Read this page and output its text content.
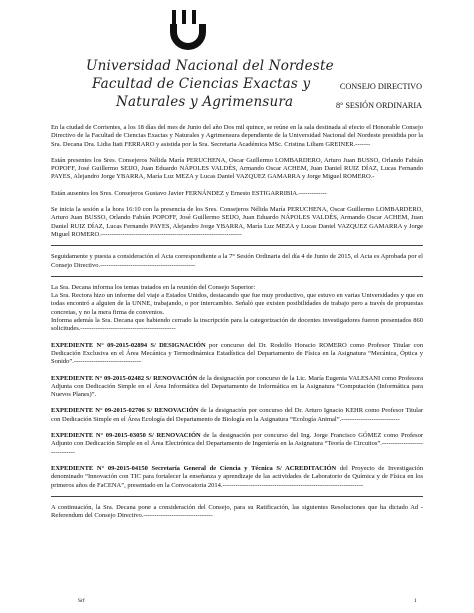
Universidad Nacional del Nordeste
Facultad de Ciencias Exactas y
Naturales y Agrimensura
CONSEJO DIRECTIVO
8° SESIÓN ORDINARIA

En la ciudad de Corrientes, a los 18 días del mes de Junio del año Dos mil quince, se reúne en la sala destinada al efecto el Honorable Consejo Directivo de la Facultad de Ciencias Exactas y Naturales y Agrimensura dependiente de la Universidad Nacional del Nordeste presidida por la Sra. Decana Dra. Lidia Itati FERRARO y asistida por la Sra. Secretaria Académica MSc. Cristina Liliam GREINER.-------

Están presentes los Sres. Consejeros Nélida María PERUCHENA, Oscar Guillermo LOMBARDERO, Arturo Juan BUSSO, Orlando Fabián POPOFF, José Guillermo SEIJO, Juan Eduardo NÁPOLES VALDÉS, Armando Oscar ACHEM, Juan Daniel RUIZ DÍAZ, Lucas Fernando PAYES, Alejandro Jorge YBARRA, María Luz MEZA y Lucas Daniel VAZQUEZ GAMARRA y Jorge Miguel ROMERO.-

Están ausentes los Sres. Consejeros Gustavo Javier FERNÁNDEZ y Ernesto ESTIGARRIBIA.-------------

Se inicia la sesión a la hora 16:10 con la presencia de los Sres. Consejeros Nélida María PERUCHENA, Oscar Guillermo LOMBARDERO, Arturo Juan BUSSO, Orlando Fabián POPOFF, José Guillermo SEIJO, Juan Eduardo NÁPOLES VALDÉS, Armando Oscar ACHEM, Juan Daniel RUIZ DÍAZ, Lucas Fernando PAYES, Alejandro Jorge YBARRA, María Luz MEZA y Lucas Daniel VAZQUEZ GAMARRA y Jorge Miguel ROMERO.-----------------------------------------------------------------

Seguidamente y puesta a consideración el Acta correspondiente a la 7° Sesión Ordinaria del día 4 de Junio de 2015, el Acta es Aprobada por el Consejo Directivo.--------------------------------------------

La Sra. Decana informa los temas tratados en la reunión del Consejo Superior:
La Sra. Rectora hizo un informe del viaje a Estados Unidos, destacando que fue muy productivo, que estuvo en varias Universidades y que en todas encontró a alguien de la UNNE, trabajando, o por intercambio. Señaló que existen posibilidades de trabajo pero a través de propuestas concretas, y no la mera firma de convenios.
Informa además la Sra. Decana que habiendo cerrado la inscripción para la categorización de docentes investigadores fueron presentados 860 solicitudes.--------------------------------------------

EXPEDIENTE N° 09-2015-02894 S/ DESIGNACIÓN por concurso del Dr. Rodolfo Horacio ROMERO como Profesor Titular con Dedicación Exclusiva en el Área Mecánica y Termodinámica Estadística del Departamento de Física en la Asignatura “Mecánica, Óptica y Sonido”.-------------------------------

EXPEDIENTE N° 09-2015-02482 S/ RENOVACIÓN de la designación por concurso de la Lic. María Eugenia VALESANI como Profesora Adjunta con Dedicación Simple en el Área Informática del Departamento de Informática en la Asignatura “Computación (Informática para Nuevos Planes)”.

EXPEDIENTE N° 09-2015-02706 S/ RENOVACIÓN de la designación por concurso del Dr. Arturo Ignacio KEHR como Profesor Titular con Dedicación Simple en el Área Ecología del Departamento de Biología en la Asignatura “Ecología Animal”.---------------------------

EXPEDIENTE N° 09-2015-03050 S/ RENOVACIÓN de la designación por concurso del Ing. Jorge Francisco GÓMEZ como Profesor Adjunto con Dedicación Simple en el Área Electrónica del Departamento de Ingeniería en la Asignatura “Teoría de Circuitos”.------------------------------

EXPEDIENTE N° 09-2015-04150 Secretaría General de Ciencia y Técnica S/ ACREDITACIÓN del Proyecto de Investigación denominado “Innovación con TIC para fortalecer la enseñanza y aprendizaje de las actividades de Laboratorio de Química y de Física en los primeros años de FaCENA”, presentado en la Convocatoria 2014.-----------------------------------------------------------------

A continuación, la Sra. Decana pone a consideración del Consejo, para su Ratificación, las siguientes Resoluciones que ha dictado Ad - Referendum del Consejo Directivo.--------------------------------

Srf	1
